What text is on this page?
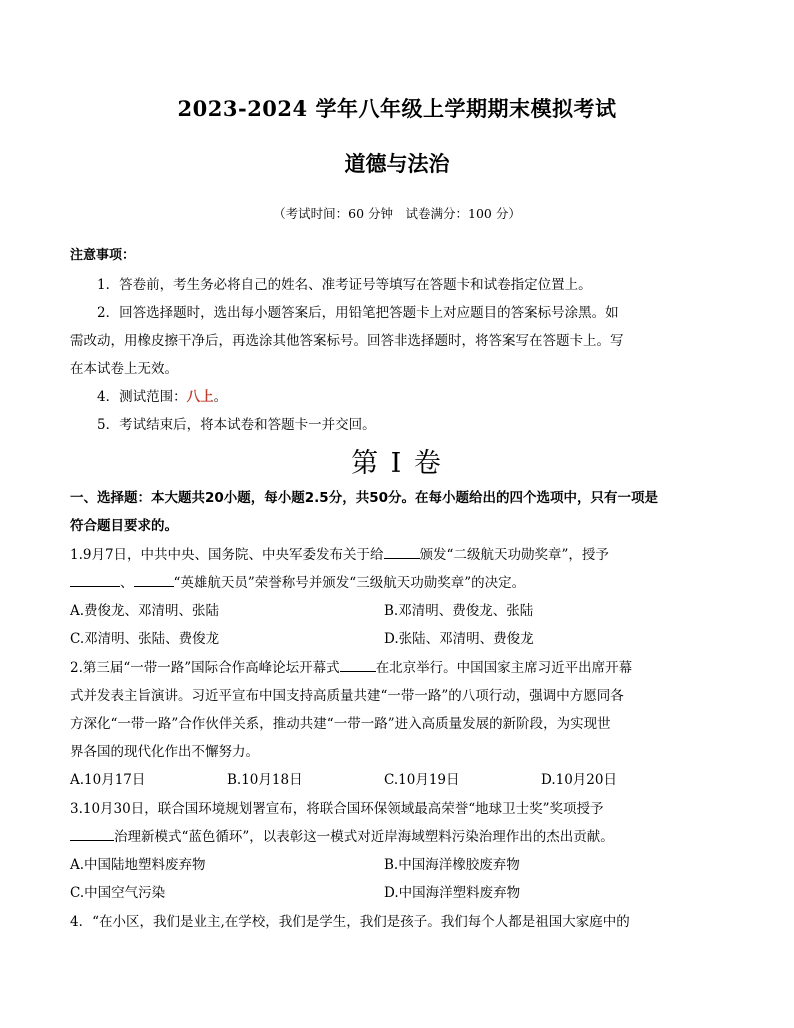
2023-2024 学年八年级上学期期末模拟考试
道德与法治
（考试时间：60 分钟　试卷满分：100 分）
注意事项：
1．答卷前，考生务必将自己的姓名、准考证号等填写在答题卡和试卷指定位置上。
2．回答选择题时，选出每小题答案后，用铅笔把答题卡上对应题目的答案标号涂黑。如
需改动，用橡皮擦干净后，再选涂其他答案标号。回答非选择题时，将答案写在答题卡上。写
在本试卷上无效。
4．测试范围：八上。
5．考试结束后，将本试卷和答题卡一并交回。
第 I 卷
一、选择题：本大题共20小题，每小题2.5分，共50分。在每小题给出的四个选项中，只有一项是
符合题目要求的。
1.9月7日，中共中央、国务院、中央军委发布关于给	颁发“二级航天功勋奖章”，授予
、	“英雄航天员”荣誉称号并颁发“三级航天功勋奖章”的决定。
A.费俊龙、邓清明、张陆	B.邓清明、费俊龙、张陆
C.邓清明、张陆、费俊龙	D.张陆、邓清明、费俊龙
2.第三届“一带一路”国际合作高峰论坛开幕式	在北京举行。中国国家主席习近平出席开幕
式并发表主旨演讲。习近平宣布中国支持高质量共建“一带一路”的八项行动，强调中方愿同各
方深化“一带一路”合作伙伴关系，推动共建“一带一路”进入高质量发展的新阶段，为实现世
界各国的现代化作出不懈努力。
A.10月17日	B.10月18日	C.10月19日	D.10月20日
3.10月30日，联合国环境规划署宣布，将联合国环保领域最高荣誉“地球卫士奖”奖项授予
治理新模式“蓝色循环”，以表彰这一模式对近岸海域塑料污染治理作出的杰出贡献。
A.中国陆地塑料废弃物	B.中国海洋橡胶废弃物
C.中国空气污染	D.中国海洋塑料废弃物
4．“在小区，我们是业主,在学校，我们是学生，我们是孩子。我们每个人都是祖国大家庭中的
